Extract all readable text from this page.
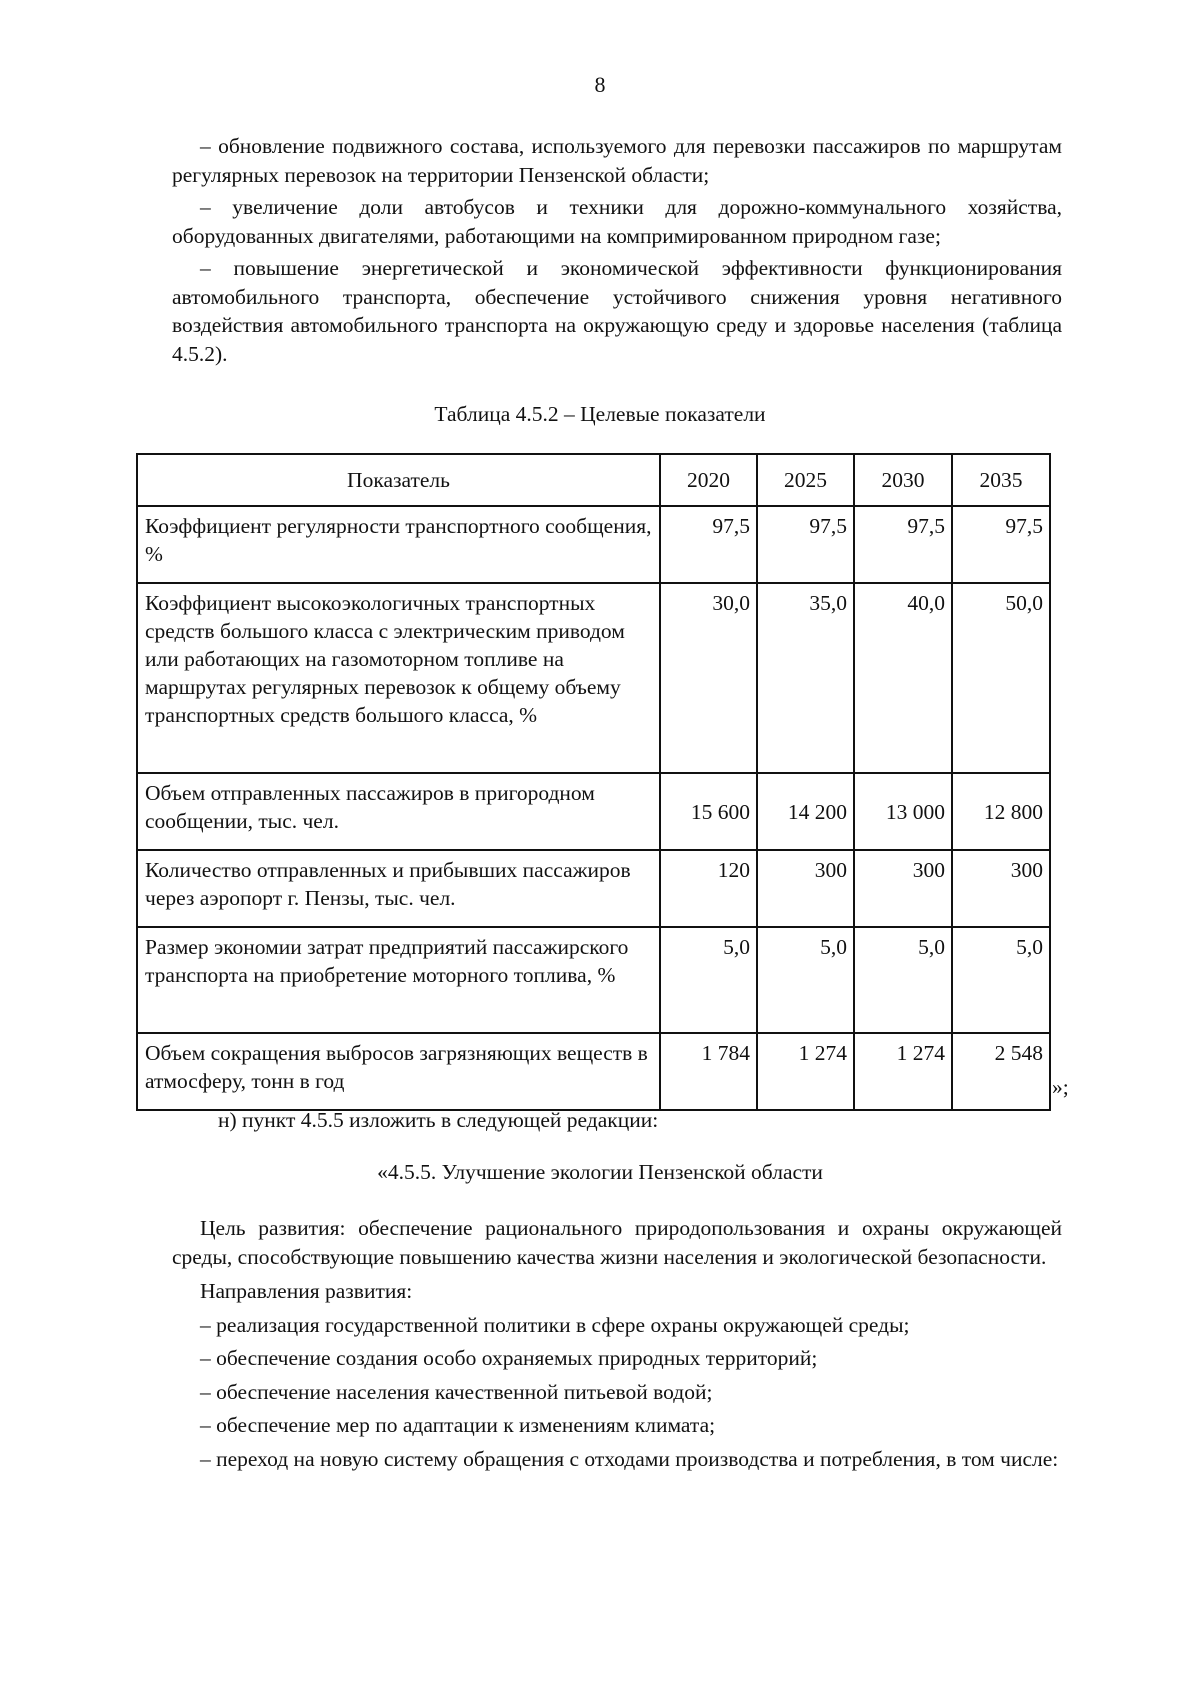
8

– обновление подвижного состава, используемого для перевозки пассажиров по маршрутам регулярных перевозок на территории Пензенской области;

– увеличение доли автобусов и техники для дорожно-коммунального хозяйства, оборудованных двигателями, работающими на компримированном природном газе;

– повышение энергетической и экономической эффективности функционирования автомобильного транспорта, обеспечение устойчивого снижения уровня негативного воздействия автомобильного транспорта на окружающую среду и здоровье населения (таблица 4.5.2).

Таблица 4.5.2 – Целевые показатели
Показатель	2020	2025	2030	2035
Коэффициент регулярности транспортного сообщения, %	97,5	97,5	97,5	97,5
Коэффициент высокоэкологичных транспортных средств большого класса с электрическим приводом или работающих на газомоторном топливе на маршрутах регулярных перевозок к общему объему транспортных средств большого класса, %	30,0	35,0	40,0	50,0
Объем отправленных пассажиров в пригородном сообщении, тыс. чел.	15 600	14 200	13 000	12 800
Количество отправленных и прибывших пассажиров через аэропорт г. Пензы, тыс. чел.	120	300	300	300
Размер экономии затрат предприятий пассажирского транспорта на приобретение моторного топлива, %	5,0	5,0	5,0	5,0
Объем сокращения выбросов загрязняющих веществ в атмосферу, тонн в год	1 784	1 274	1 274	2 548
»;
н) пункт 4.5.5 изложить в следующей редакции:
«4.5.5. Улучшение экологии Пензенской области

Цель развития: обеспечение рационального природопользования и охраны окружающей среды, способствующие повышению качества жизни населения и экологической безопасности.

Направления развития:

– реализация государственной политики в сфере охраны окружающей среды;

– обеспечение создания особо охраняемых природных территорий;

– обеспечение населения качественной питьевой водой;

– обеспечение мер по адаптации к изменениям климата;

– переход на новую систему обращения с отходами производства и потребления, в том числе:
